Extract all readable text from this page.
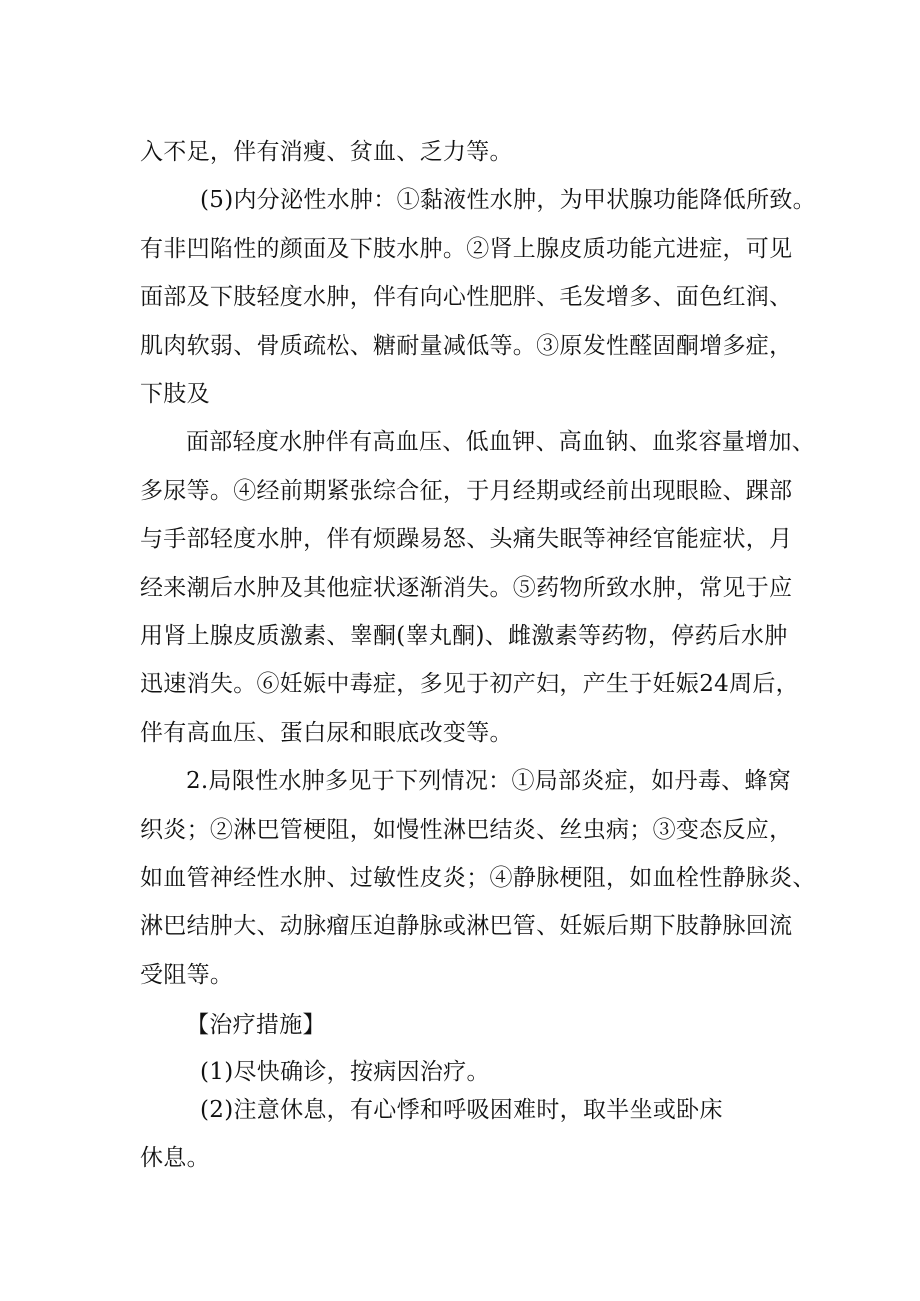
入不足，伴有消瘦、贫血、乏力等。

(5)内分泌性水肿：①黏液性水肿，为甲状腺功能降低所致。

有非凹陷性的颜面及下肢水肿。②肾上腺皮质功能亢进症，可见

面部及下肢轻度水肿，伴有向心性肥胖、毛发增多、面色红润、

肌肉软弱、骨质疏松、糖耐量减低等。③原发性醛固酮增多症，

下肢及

面部轻度水肿伴有高血压、低血钾、高血钠、血浆容量增加、

多尿等。④经前期紧张综合征，于月经期或经前出现眼睑、踝部

与手部轻度水肿，伴有烦躁易怒、头痛失眠等神经官能症状，月

经来潮后水肿及其他症状逐渐消失。⑤药物所致水肿，常见于应

用肾上腺皮质激素、睾酮(睾丸酮)、雌激素等药物，停药后水肿

迅速消失。⑥妊娠中毒症，多见于初产妇，产生于妊娠24周后，

伴有高血压、蛋白尿和眼底改变等。

2.局限性水肿多见于下列情况：①局部炎症，如丹毒、蜂窝

织炎；②淋巴管梗阻，如慢性淋巴结炎、丝虫病；③变态反应，

如血管神经性水肿、过敏性皮炎；④静脉梗阻，如血栓性静脉炎、

淋巴结肿大、动脉瘤压迫静脉或淋巴管、妊娠后期下肢静脉回流

受阻等。

【治疗措施】

(1)尽快确诊，按病因治疗。

(2)注意休息，有心悸和呼吸困难时，取半坐或卧床

休息。
